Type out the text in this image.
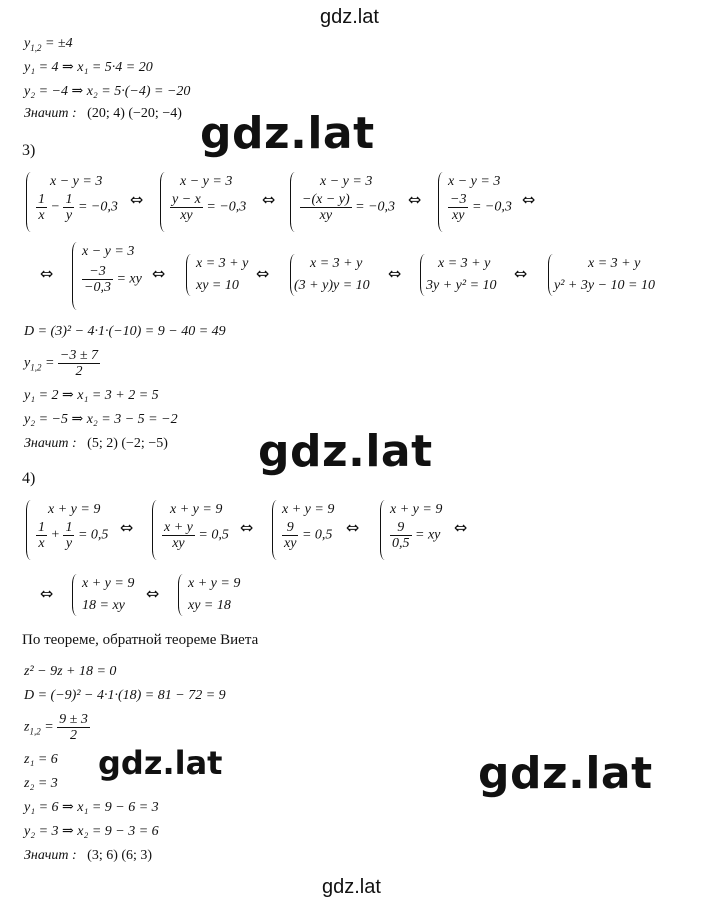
gdz.lat
gdz.lat
gdz.lat
gdz.lat	gdz.lat
gdz.lat
$y_{1,2} = \pm 4$
y₁ = 4 ⇒ x₁ = 5·4 = 20
y₂ = −4 ⇒ x₂ = 5·(−4) = −20
Значит : (20; 4) (−20; −4)
3)
x − y = 3
$\frac{1}{x} - \frac{1}{y} = -0,3$ ⇔
x − y = 3
$\frac{y - x}{xy} = -0,3$ ⇔
x − y = 3
$\frac{-(x - y)}{xy} = -0,3$ ⇔
x − y = 3
$\frac{-3}{xy} = -0,3$ ⇔
⇔
x − y = 3
$\frac{-3}{-0,3}$ = xy ⇔
x = 3 + y
xy = 10
⇔
x = 3 + y
(3 + y)y = 10
⇔
x = 3 + y
3y + y² = 10
⇔
x = 3 + y
y² + 3y − 10 = 10
D = (3)² − 4·1·(−10) = 9 − 40 = 49
$y_{1,2} = \frac{-3 \pm 7}{2}$
y₁ = 2 ⇒ x₁ = 3 + 2 = 5
y₂ = −5 ⇒ x₂ = 3 − 5 = −2
Значит : (5; 2) (−2; −5)
4)
x + y = 9
$\frac{1}{x} + \frac{1}{y} = 0,5$ ⇔
x + y = 9
$\frac{x + y}{xy} = 0,5$ ⇔
x + y = 9
$\frac{9}{xy} = 0,5$ ⇔
x + y = 9
$\frac{9}{0,5}$ = xy ⇔
⇔
x + y = 9
18 = xy
⇔
x + y = 9
xy = 18
По теореме, обратной теореме Виета
z² − 9z + 18 = 0
D = (−9)² − 4·1·(18) = 81 − 72 = 9
$z_{1,2} = \frac{9 \pm 3}{2}$
z₁ = 6
z₂ = 3
y₁ = 6 ⇒ x₁ = 9 − 6 = 3
y₂ = 3 ⇒ x₂ = 9 − 3 = 6
Значит : (3; 6) (6; 3)
